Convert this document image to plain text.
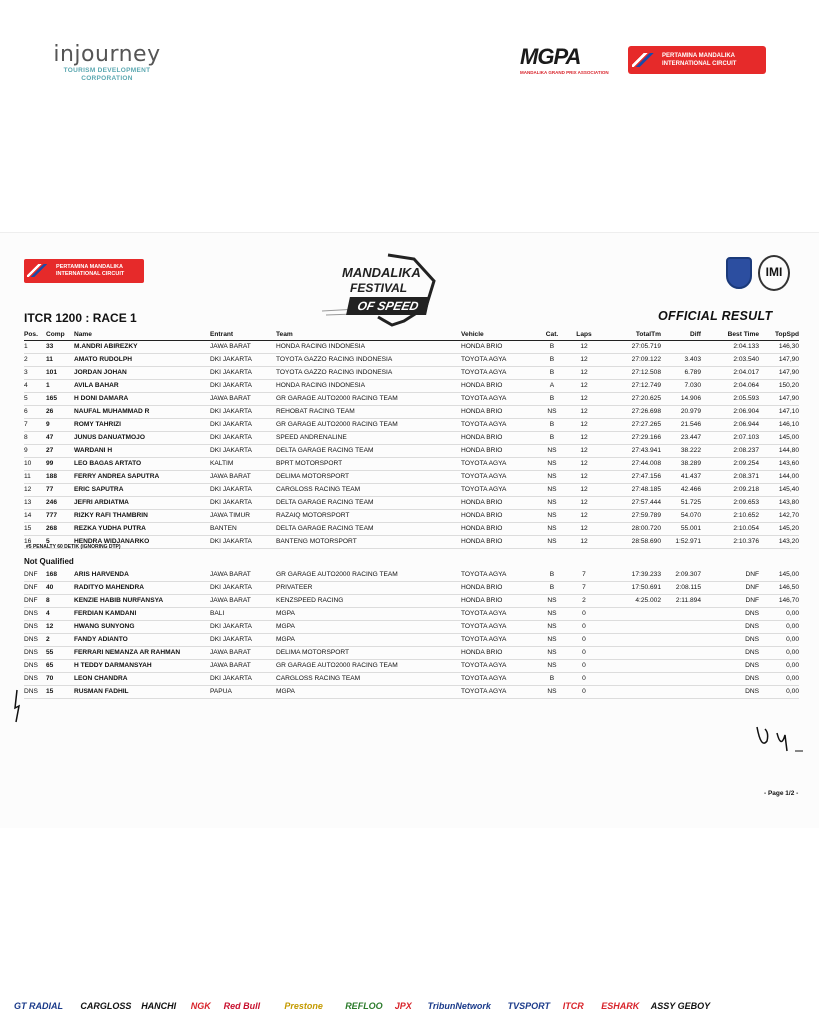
injourney
TOURISM DEVELOPMENT
CORPORATION
MGPA
MANDALIKA GRAND PRIX ASSOCIATION
PERTAMINA MANDALIKA
INTERNATIONAL CIRCUIT
PERTAMINA MANDALIKA
INTERNATIONAL CIRCUIT	MANDALIKA
FESTIVAL
OF SPEED
IMI
ITCR 1200 : RACE 1	OFFICIAL RESULT
Pos.	Comp	Name	Entrant	Team	Vehicle	Cat.	Laps	TotalTm	Diff	Best Time	TopSpd
1	33	M.ANDRI ABIREZKY	JAWA BARAT	HONDA RACING INDONESIA	HONDA BRIO	B	12	27:05.719		2:04.133	146,30
2	11	AMATO RUDOLPH	DKI JAKARTA	TOYOTA GAZZO RACING INDONESIA	TOYOTA AGYA	B	12	27:09.122	3.403	2:03.540	147,90
3	101	JORDAN JOHAN	DKI JAKARTA	TOYOTA GAZZO RACING INDONESIA	TOYOTA AGYA	B	12	27:12.508	6.789	2:04.017	147,90
4	1	AVILA BAHAR	DKI JAKARTA	HONDA RACING INDONESIA	HONDA BRIO	A	12	27:12.749	7.030	2:04.064	150,20
5	165	H DONI DAMARA	JAWA BARAT	GR GARAGE AUTO2000 RACING TEAM	TOYOTA AGYA	B	12	27:20.625	14.906	2:05.593	147,90
6	26	NAUFAL MUHAMMAD R	DKI JAKARTA	REHOBAT RACING TEAM	HONDA BRIO	NS	12	27:26.698	20.979	2:06.904	147,10
7	9	ROMY TAHRIZI	DKI JAKARTA	GR GARAGE AUTO2000 RACING TEAM	TOYOTA AGYA	B	12	27:27.265	21.546	2:06.944	146,10
8	47	JUNUS DANUATMOJO	DKI JAKARTA	SPEED ANDRENALINE	HONDA BRIO	B	12	27:29.166	23.447	2:07.103	145,00
9	27	WARDANI H	DKI JAKARTA	DELTA GARAGE RACING TEAM	HONDA BRIO	NS	12	27:43.941	38.222	2:08.237	144,80
10	99	LEO BAGAS ARTATO	KALTIM	BPRT MOTORSPORT	TOYOTA AGYA	NS	12	27:44.008	38.289	2:09.254	143,60
11	188	FERRY ANDREA SAPUTRA	JAWA BARAT	DELIMA MOTORSPORT	TOYOTA AGYA	NS	12	27:47.156	41.437	2:08.371	144,00
12	77	ERIC SAPUTRA	DKI JAKARTA	CARGLOSS RACING TEAM	TOYOTA AGYA	NS	12	27:48.185	42.466	2:09.218	145,40
13	246	JEFRI ARDIATMA	DKI JAKARTA	DELTA GARAGE RACING TEAM	HONDA BRIO	NS	12	27:57.444	51.725	2:09.653	143,80
14	777	RIZKY RAFI THAMBRIN	JAWA TIMUR	RAZAIQ MOTORSPORT	HONDA BRIO	NS	12	27:59.789	54.070	2:10.652	142,70
15	268	REZKA YUDHA PUTRA	BANTEN	DELTA GARAGE RACING TEAM	HONDA BRIO	NS	12	28:00.720	55.001	2:10.054	145,20
16	5	HENDRA WIDJANARKO	DKI JAKARTA	BANTENG MOTORSPORT	HONDA BRIO	NS	12	28:58.690	1:52.971	2:10.376	143,20
#5 PENALTY 60 DETIK (IGNORING DTP)
Not Qualified
DNF	168	ARIS HARVENDA	JAWA BARAT	GR GARAGE AUTO2000 RACING TEAM	TOYOTA AGYA	B	7	17:39.233	2:09.307	DNF	145,00
DNF	40	RADITYO MAHENDRA	DKI JAKARTA	PRIVATEER	HONDA BRIO	B	7	17:50.691	2:08.115	DNF	146,50
DNF	8	KENZIE HABIB NURFANSYA	JAWA BARAT	KENZSPEED RACING	HONDA BRIO	NS	2	4:25.002	2:11.894	DNF	146,70
DNS	4	FERDIAN KAMDANI	BALI	MGPA	TOYOTA AGYA	NS	0			DNS	0,00
DNS	12	HWANG SUNYONG	DKI JAKARTA	MGPA	TOYOTA AGYA	NS	0			DNS	0,00
DNS	2	FANDY ADIANTO	DKI JAKARTA	MGPA	TOYOTA AGYA	NS	0			DNS	0,00
DNS	55	FERRARI NEMANZA AR RAHMAN	JAWA BARAT	DELIMA MOTORSPORT	HONDA BRIO	NS	0			DNS	0,00
DNS	65	H TEDDY DARMANSYAH	JAWA BARAT	GR GARAGE AUTO2000 RACING TEAM	TOYOTA AGYA	NS	0			DNS	0,00
DNS	70	LEON CHANDRA	DKI JAKARTA	CARGLOSS RACING TEAM	TOYOTA AGYA	B	0			DNS	0,00
DNS	15	RUSMAN FADHIL	PAPUA	MGPA	TOYOTA AGYA	NS	0			DNS	0,00
- Page 1/2 -
GT RADIAL CARGLOSS HANCHI NGK Red Bull	Prestone REFLOO JPX TribunNetwork TVSPORT ITCR ESHARK ASSY GEBOY
